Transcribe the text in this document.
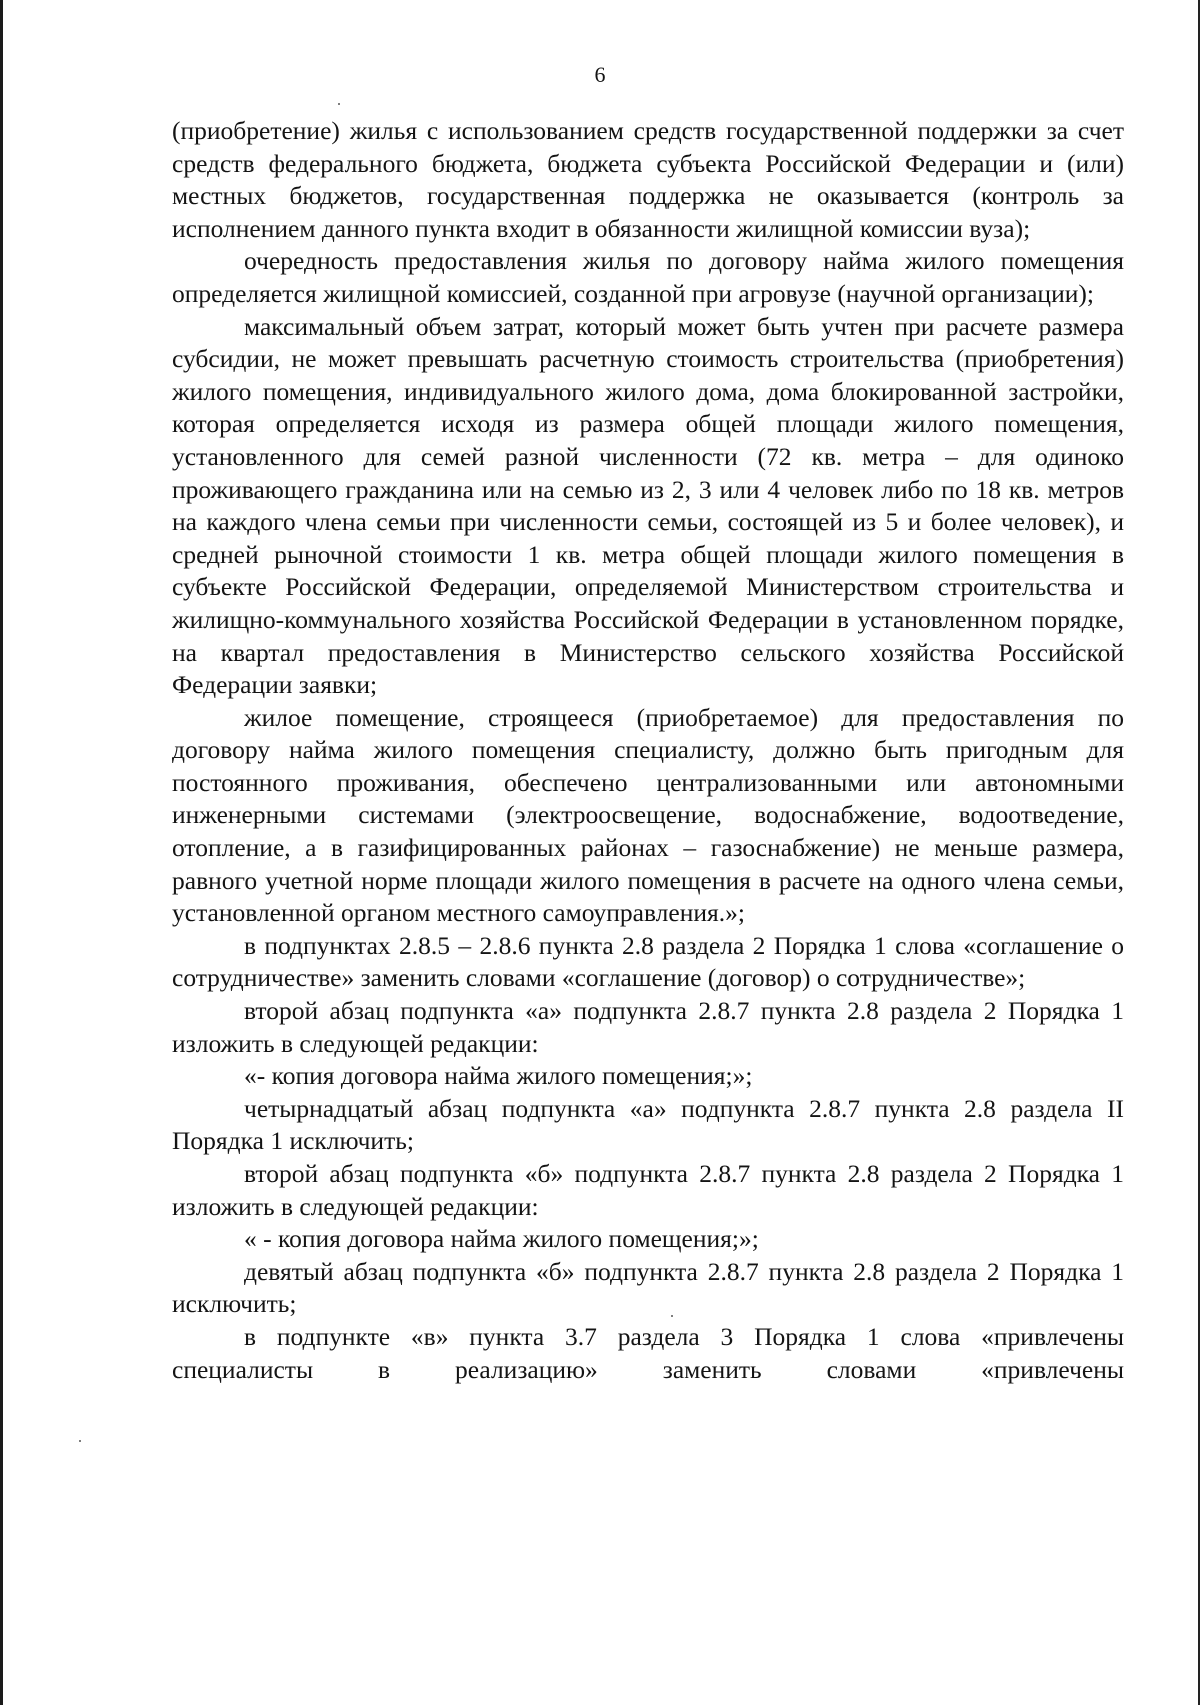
6

(приобретение) жилья с использованием средств государственной поддержки за счет средств федерального бюджета, бюджета субъекта Российской Федерации и (или) местных бюджетов, государственная поддержка не оказывается (контроль за исполнением данного пункта входит в обязанности жилищной комиссии вуза);

очередность предоставления жилья по договору найма жилого помещения определяется жилищной комиссией, созданной при агровузе (научной организации);

максимальный объем затрат, который может быть учтен при расчете размера субсидии, не может превышать расчетную стоимость строительства (приобретения) жилого помещения, индивидуального жилого дома, дома блокированной застройки, которая определяется исходя из размера общей площади жилого помещения, установленного для семей разной численности (72 кв. метра – для одиноко проживающего гражданина или на семью из 2, 3 или 4 человек либо по 18 кв. метров на каждого члена семьи при численности семьи, состоящей из 5 и более человек), и средней рыночной стоимости 1 кв. метра общей площади жилого помещения в субъекте Российской Федерации, определяемой Министерством строительства и жилищно-коммунального хозяйства Российской Федерации в установленном порядке, на квартал предоставления в Министерство сельского хозяйства Российской Федерации заявки;

жилое помещение, строящееся (приобретаемое) для предоставления по договору найма жилого помещения специалисту, должно быть пригодным для постоянного проживания, обеспечено централизованными или автономными инженерными системами (электроосвещение, водоснабжение, водоотведение, отопление, а в газифицированных районах – газоснабжение) не меньше размера, равного учетной норме площади жилого помещения в расчете на одного члена семьи, установленной органом местного самоуправления.»;

в подпунктах 2.8.5 – 2.8.6 пункта 2.8 раздела 2 Порядка 1 слова «соглашение о сотрудничестве» заменить словами «соглашение (договор) о сотрудничестве»;

второй абзац подпункта «а» подпункта 2.8.7 пункта 2.8 раздела 2 Порядка 1 изложить в следующей редакции:

«- копия договора найма жилого помещения;»;

четырнадцатый абзац подпункта «а» подпункта 2.8.7 пункта 2.8 раздела II Порядка 1 исключить;

второй абзац подпункта «б» подпункта 2.8.7 пункта 2.8 раздела 2 Порядка 1 изложить в следующей редакции:

« - копия договора найма жилого помещения;»;

девятый абзац подпункта «б» подпункта 2.8.7 пункта 2.8 раздела 2 Порядка 1 исключить;

в подпункте «в» пункта 3.7 раздела 3 Порядка 1 слова «привлечены специалисты в реализацию» заменить словами «привлечены
